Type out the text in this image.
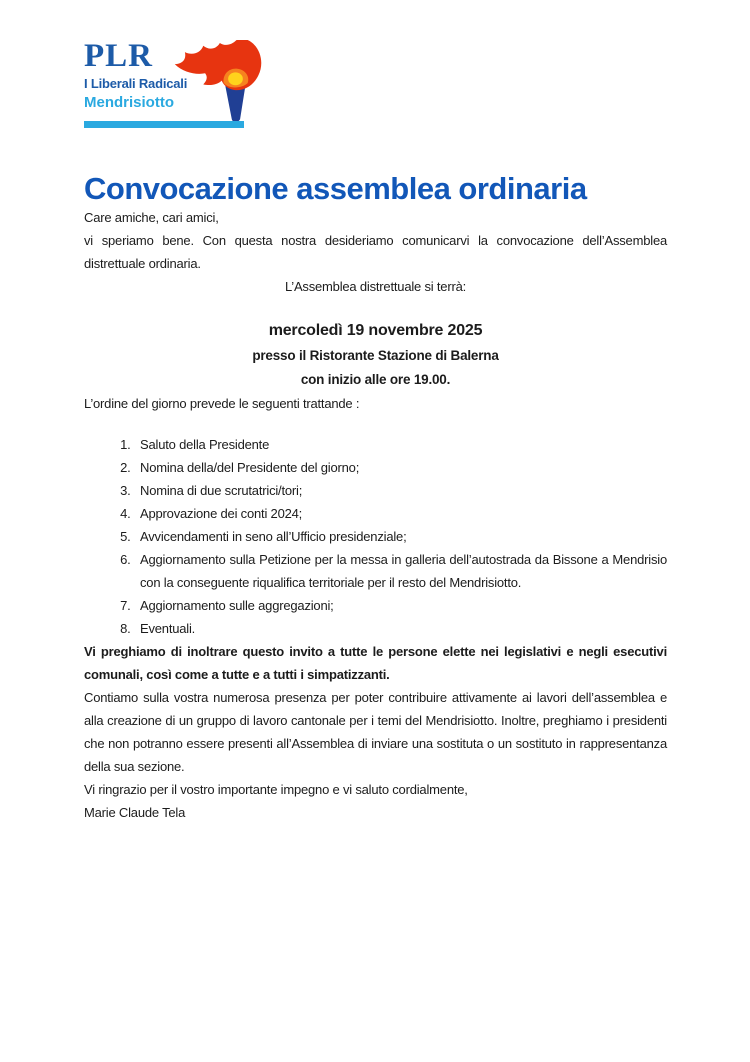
PLR
I Liberali Radicali
Mendrisiotto
Convocazione assemblea ordinaria

Care amiche, cari amici,

vi speriamo bene. Con questa nostra desideriamo comunicarvi la convocazione dell’Assemblea distrettuale ordinaria.

L’Assemblea distrettuale si terrà:

mercoledì 19 novembre 2025

presso il Ristorante Stazione di Balerna

con inizio alle ore 19.00.

L’ordine del giorno prevede le seguenti trattande :

1. Saluto della Presidente
2. Nomina della/del Presidente del giorno;
3. Nomina di due scrutatrici/tori;
4. Approvazione dei conti 2024;
5. Avvicendamenti in seno all’Ufficio presidenziale;
6. Aggiornamento sulla Petizione per la messa in galleria dell’autostrada da Bissone a Mendrisio con la conseguente riqualifica territoriale per il resto del Mendrisiotto.
7. Aggiornamento sulle aggregazioni;
8. Eventuali.

Vi preghiamo di inoltrare questo invito a tutte le persone elette nei legislativi e negli esecutivi comunali, così come a tutte e a tutti i simpatizzanti.

Contiamo sulla vostra numerosa presenza per poter contribuire attivamente ai lavori dell’assemblea e alla creazione di un gruppo di lavoro cantonale per i temi del Mendrisiotto. Inoltre, preghiamo i presidenti che non potranno essere presenti all’Assemblea di inviare una sostituta o un sostituto in rappresentanza della sua sezione.

Vi ringrazio per il vostro importante impegno e vi saluto cordialmente,

Marie Claude Tela
